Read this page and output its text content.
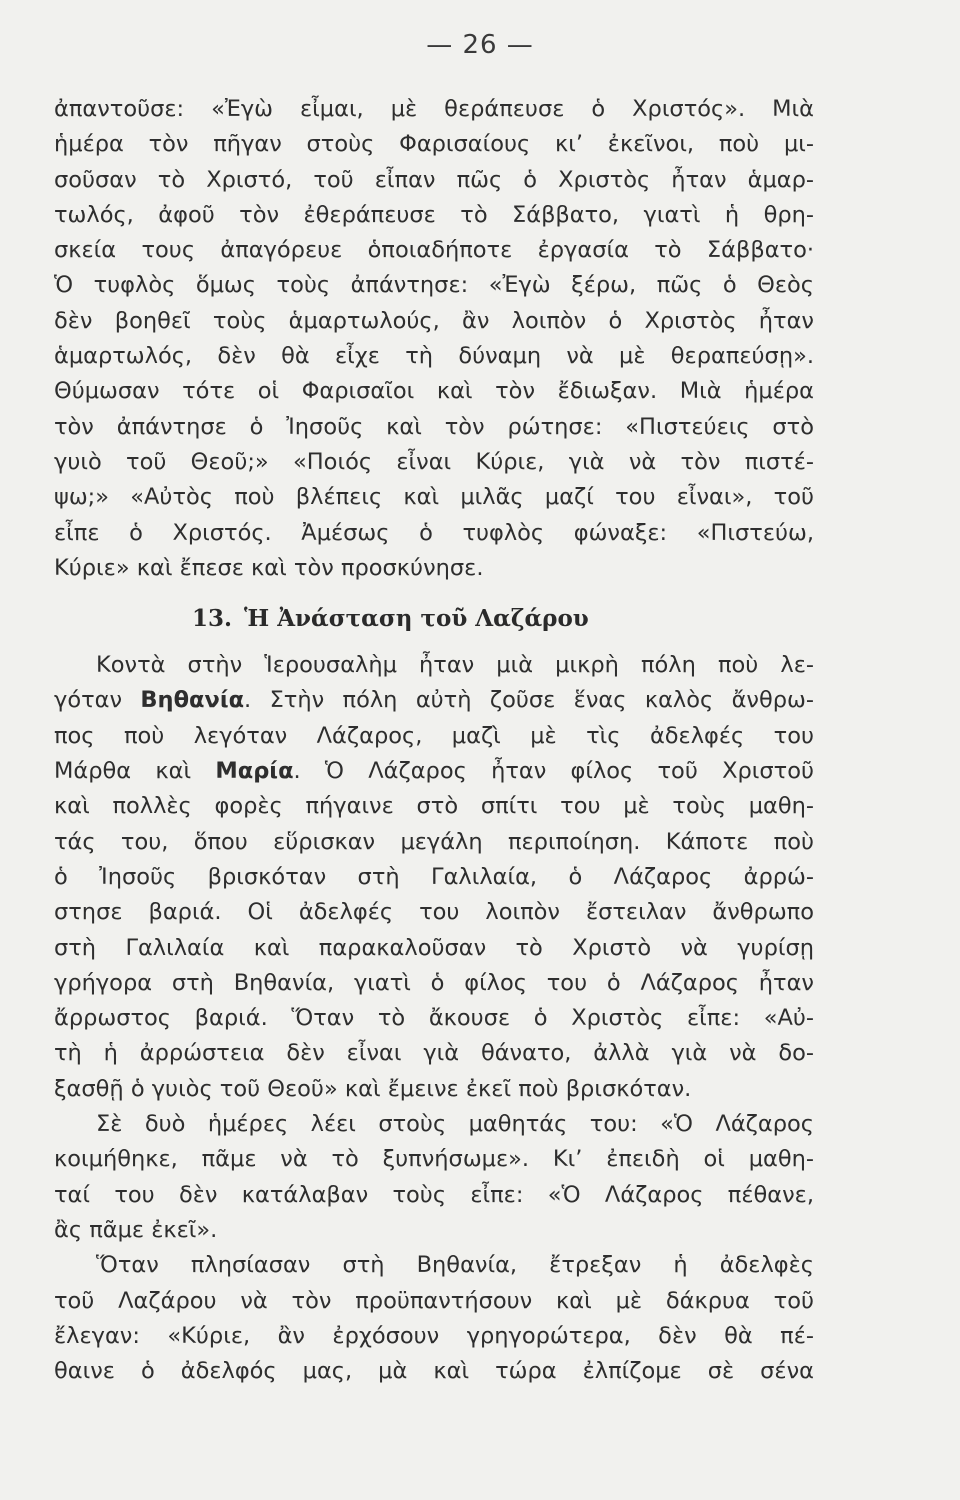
— 26 —
ἀπαντοῦσε: «Ἐγὼ εἶμαι, μὲ θεράπευσε ὁ Χριστός». Μιὰ
ἡμέρα τὸν πῆγαν στοὺς Φαρισαίους κι’ ἐκεῖνοι, ποὺ μι-
σοῦσαν τὸ Χριστό, τοῦ εἶπαν πῶς ὁ Χριστὸς ἦταν ἁμαρ-
τωλός, ἀφοῦ τὸν ἐθεράπευσε τὸ Σάββατο, γιατὶ ἡ θρη-
σκεία τους ἀπαγόρευε ὁποιαδήποτε ἐργασία τὸ Σάββατο·
Ὁ τυφλὸς ὅμως τοὺς ἀπάντησε: «Ἐγὼ ξέρω, πῶς ὁ Θεὸς
δὲν βοηθεῖ τοὺς ἁμαρτωλούς, ἂν λοιπὸν ὁ Χριστὸς ἦταν
ἁμαρτωλός, δὲν θὰ εἶχε τὴ δύναμη νὰ μὲ θεραπεύσῃ».
Θύμωσαν τότε οἱ Φαρισαῖοι καὶ τὸν ἔδιωξαν. Μιὰ ἡμέρα
τὸν ἀπάντησε ὁ Ἰησοῦς καὶ τὸν ρώτησε: «Πιστεύεις στὸ
γυιὸ τοῦ Θεοῦ;» «Ποιός εἶναι Κύριε, γιὰ νὰ τὸν πιστέ-
ψω;» «Αὐτὸς ποὺ βλέπεις καὶ μιλᾶς μαζί του εἶναι», τοῦ
εἶπε ὁ Χριστός. Ἀμέσως ὁ τυφλὸς φώναξε: «Πιστεύω,
Κύριε» καὶ ἔπεσε καὶ τὸν προσκύνησε.
13. Ἡ Ἀνάσταση τοῦ Λαζάρου
Κοντὰ στὴν Ἱερουσαλὴμ ἦταν μιὰ μικρὴ πόλη ποὺ λε-
γόταν Βηθανία. Στὴν πόλη αὐτὴ ζοῦσε ἕνας καλὸς ἄνθρω-
πος ποὺ λεγόταν Λάζαρος, μαζὶ μὲ τὶς ἀδελφές του
Μάρθα καὶ Μαρία. Ὁ Λάζαρος ἦταν φίλος τοῦ Χριστοῦ
καὶ πολλὲς φορὲς πήγαινε στὸ σπίτι του μὲ τοὺς μαθη-
τάς του, ὅπου εὕρισκαν μεγάλη περιποίηση. Κάποτε ποὺ
ὁ Ἰησοῦς βρισκόταν στὴ Γαλιλαία, ὁ Λάζαρος ἀρρώ-
στησε βαριά. Οἱ ἀδελφές του λοιπὸν ἔστειλαν ἄνθρωπο
στὴ Γαλιλαία καὶ παρακαλοῦσαν τὸ Χριστὸ νὰ γυρίσῃ
γρήγορα στὴ Βηθανία, γιατὶ ὁ φίλος του ὁ Λάζαρος ἦταν
ἄρρωστος βαριά. Ὅταν τὸ ἄκουσε ὁ Χριστὸς εἶπε: «Αὐ-
τὴ ἡ ἀρρώστεια δὲν εἶναι γιὰ θάνατο, ἀλλὰ γιὰ νὰ δο-
ξασθῇ ὁ γυιὸς τοῦ Θεοῦ» καὶ ἔμεινε ἐκεῖ ποὺ βρισκόταν.
Σὲ δυὸ ἡμέρες λέει στοὺς μαθητάς του: «Ὁ Λάζαρος
κοιμήθηκε, πᾶμε νὰ τὸ ξυπνήσωμε». Κι’ ἐπειδὴ οἱ μαθη-
ταί του δὲν κατάλαβαν τοὺς εἶπε: «Ὁ Λάζαρος πέθανε,
ἂς πᾶμε ἐκεῖ».
Ὅταν πλησίασαν στὴ Βηθανία, ἔτρεξαν ἡ ἀδελφὲς
τοῦ Λαζάρου νὰ τὸν προϋπαντήσουν καὶ μὲ δάκρυα τοῦ
ἔλεγαν: «Κύριε, ἂν ἐρχόσουν γρηγορώτερα, δὲν θὰ πέ-
θαινε ὁ ἀδελφός μας, μὰ καὶ τώρα ἐλπίζομε σὲ σένα
